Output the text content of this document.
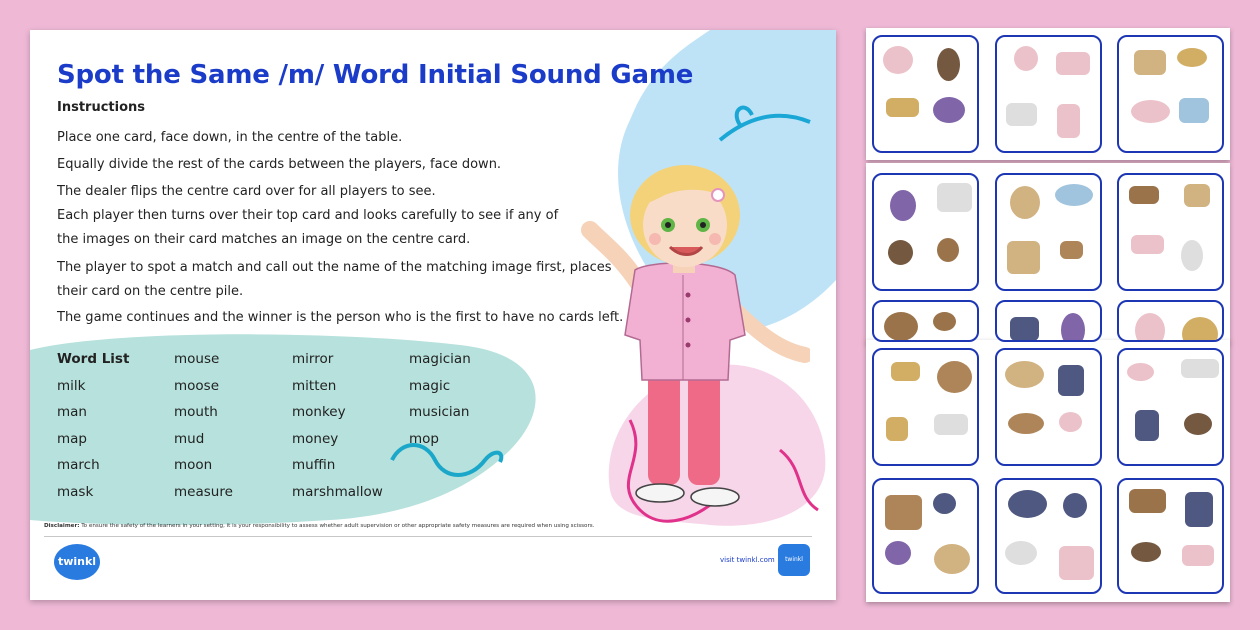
Spot the Same /m/ Word Initial Sound Game
Instructions

Place one card, face down, in the centre of the table.

Equally divide the rest of the cards between the players, face down.

The dealer flips the centre card over for all players to see.

Each player then turns over their top card and looks carefully to see if any of the images on their card matches an image on the centre card.

The player to spot a match and call out the name of the matching image first, places their card on the centre pile.

The game continues and the winner is the person who is the first to have no cards left.

Word List
milk
man
map
march
mask
mouse
moose
mouth
mud
moon
measure
mirror
mitten
monkey
money
muffin
marshmallow
magician
magic
musician
mop
Disclaimer: To ensure the safety of the learners in your setting, it is your responsibility to assess whether adult supervision or other appropriate safety measures are required when using scissors.
twinkl	visit twinkl.com	twinkl
